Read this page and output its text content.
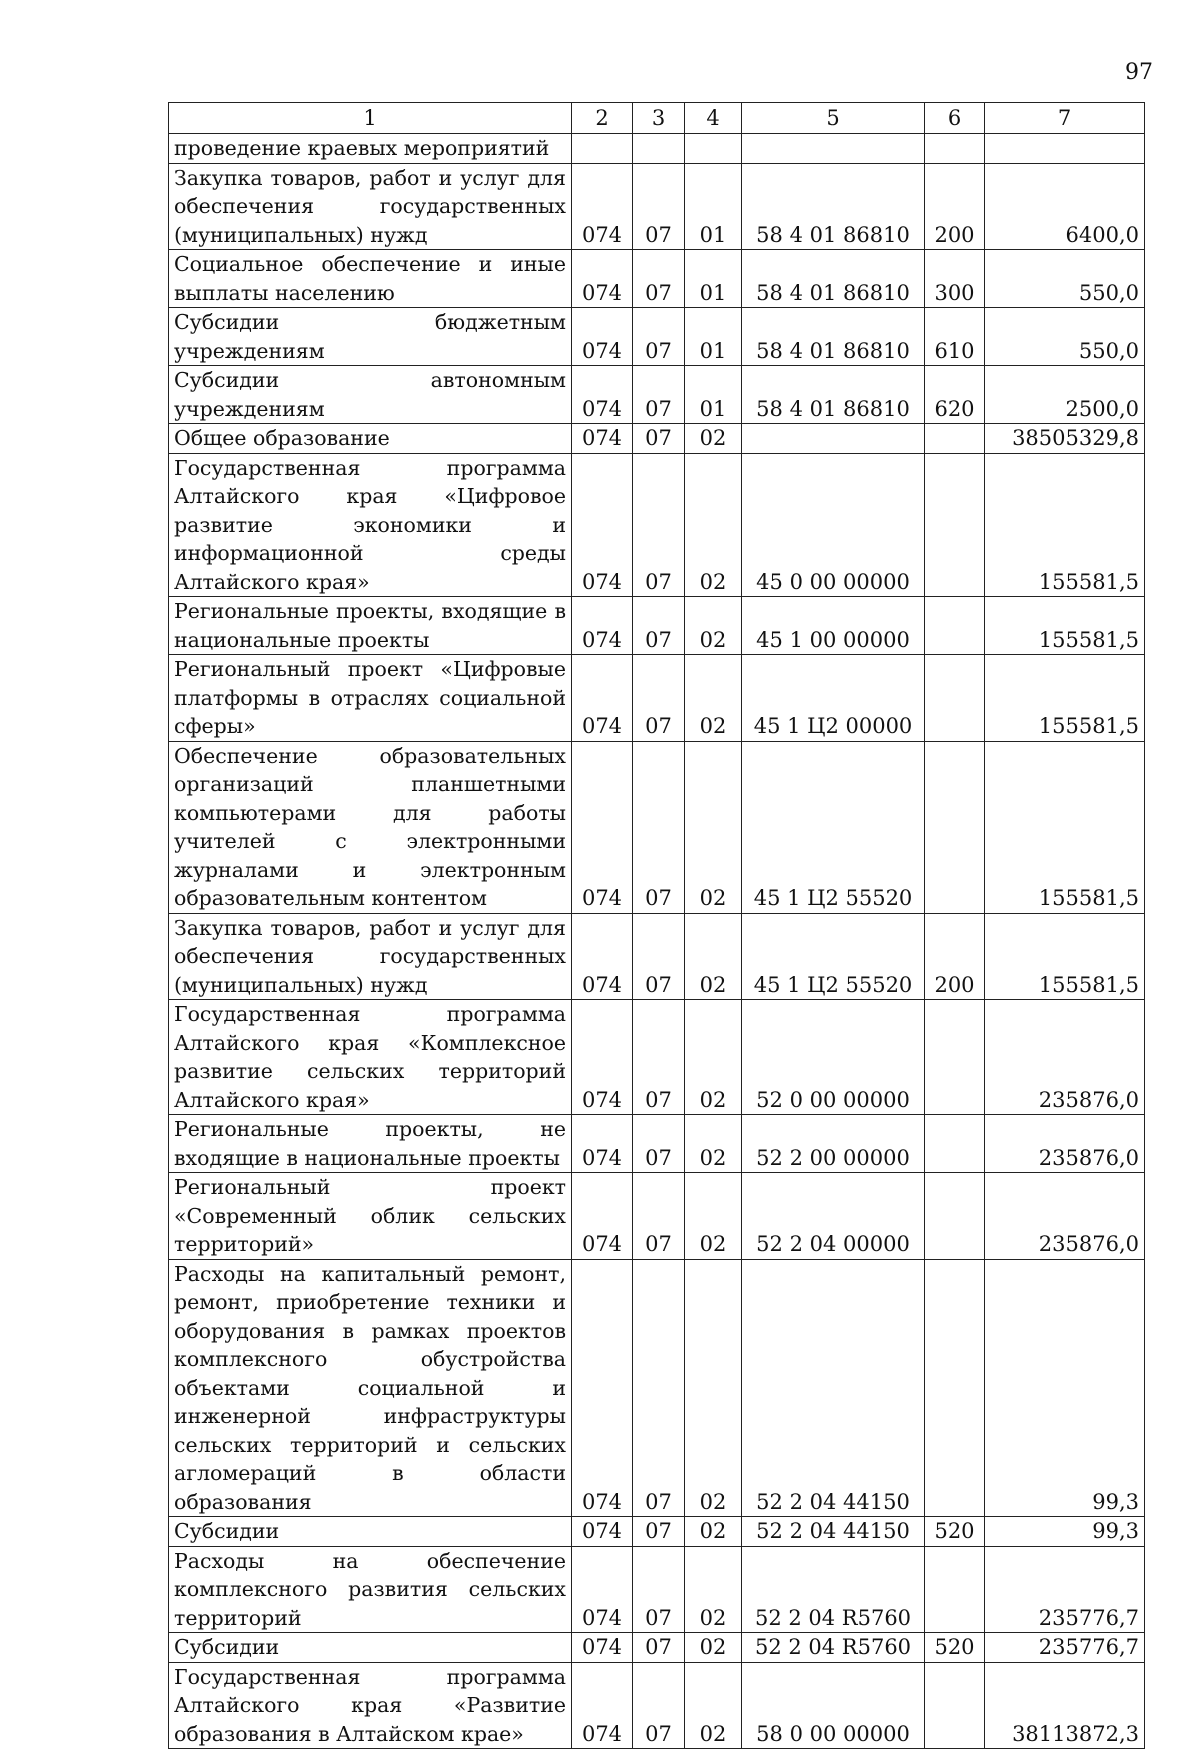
97
1	2	3	4	5	6	7
проведение краевых мероприятий						
Закупка товаров, работ и услуг для обеспечения государственных (муниципальных) нужд	074	07	01	58 4 01 86810	200	6400,0
Социальное обеспечение и иные выплаты населению	074	07	01	58 4 01 86810	300	550,0
Субсидии бюджетным учреждениям	074	07	01	58 4 01 86810	610	550,0
Субсидии автономным учреждениям	074	07	01	58 4 01 86810	620	2500,0
Общее образование	074	07	02			38505329,8
Государственная программа Алтайского края «Цифровое развитие экономики и информационной среды Алтайского края»	074	07	02	45 0 00 00000		155581,5
Региональные проекты, входящие в национальные проекты	074	07	02	45 1 00 00000		155581,5
Региональный проект «Цифровые платформы в отраслях социальной сферы»	074	07	02	45 1 Ц2 00000		155581,5
Обеспечение образовательных организаций планшетными компьютерами для работы учителей с электронными журналами и электронным образовательным контентом	074	07	02	45 1 Ц2 55520		155581,5
Закупка товаров, работ и услуг для обеспечения государственных (муниципальных) нужд	074	07	02	45 1 Ц2 55520	200	155581,5
Государственная программа Алтайского края «Комплексное развитие сельских территорий Алтайского края»	074	07	02	52 0 00 00000		235876,0
Региональные проекты, не входящие в национальные проекты	074	07	02	52 2 00 00000		235876,0
Региональный проект «Современный облик сельских территорий»	074	07	02	52 2 04 00000		235876,0
Расходы на капитальный ремонт, ремонт, приобретение техники и оборудования в рамках проектов комплексного обустройства объектами социальной и инженерной инфраструктуры сельских территорий и сельских агломераций в области образования	074	07	02	52 2 04 44150		99,3
Субсидии	074	07	02	52 2 04 44150	520	99,3
Расходы на обеспечение комплексного развития сельских территорий	074	07	02	52 2 04 R5760		235776,7
Субсидии	074	07	02	52 2 04 R5760	520	235776,7
Государственная программа Алтайского края «Развитие образования в Алтайском крае»	074	07	02	58 0 00 00000		38113872,3
